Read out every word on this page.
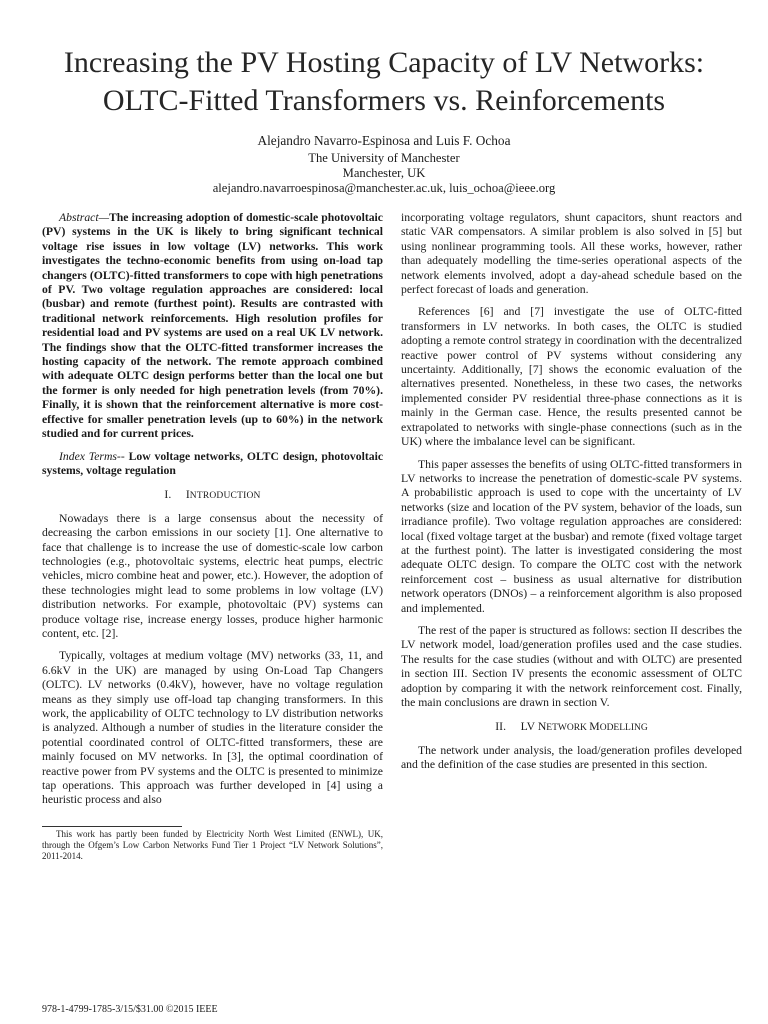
Increasing the PV Hosting Capacity of LV Networks:
OLTC-Fitted Transformers vs. Reinforcements
Alejandro Navarro-Espinosa and Luis F. Ochoa
The University of Manchester
Manchester, UK
alejandro.navarroespinosa@manchester.ac.uk, luis_ochoa@ieee.org

Abstract—The increasing adoption of domestic-scale photovoltaic (PV) systems in the UK is likely to bring significant technical voltage rise issues in low voltage (LV) networks. This work investigates the techno-economic benefits from using on-load tap changers (OLTC)-fitted transformers to cope with high penetrations of PV. Two voltage regulation approaches are considered: local (busbar) and remote (furthest point). Results are contrasted with traditional network reinforcements. High resolution profiles for residential load and PV systems are used on a real UK LV network. The findings show that the OLTC-fitted transformer increases the hosting capacity of the network. The remote approach combined with adequate OLTC design performs better than the local one but the former is only needed for high penetration levels (from 70%). Finally, it is shown that the reinforcement alternative is more cost-effective for smaller penetration levels (up to 60%) in the network studied and for current prices.

Index Terms-- Low voltage networks, OLTC design, photovoltaic systems, voltage regulation

I. INTRODUCTION

Nowadays there is a large consensus about the necessity of decreasing the carbon emissions in our society [1]. One alternative to face that challenge is to increase the use of domestic-scale low carbon technologies (e.g., photovoltaic systems, electric heat pumps, electric vehicles, micro combine heat and power, etc.). However, the adoption of these technologies might lead to some problems in low voltage (LV) distribution networks. For example, photovoltaic (PV) systems can produce voltage rise, increase energy losses, produce higher harmonic content, etc. [2].

Typically, voltages at medium voltage (MV) networks (33, 11, and 6.6kV in the UK) are managed by using On-Load Tap Changers (OLTC). LV networks (0.4kV), however, have no voltage regulation means as they simply use off-load tap changing transformers. In this work, the applicability of OLTC technology to LV distribution networks is analyzed. Although a number of studies in the literature consider the potential coordinated control of OLTC-fitted transformers, these are mainly focused on MV networks. In [3], the optimal coordination of reactive power from PV systems and the OLTC is presented to minimize tap operations. This approach was further developed in [4] using a heuristic process and also

incorporating voltage regulators, shunt capacitors, shunt reactors and static VAR compensators. A similar problem is also solved in [5] but using nonlinear programming tools. All these works, however, rather than adequately modelling the time-series operational aspects of the network elements involved, adopt a day-ahead schedule based on the perfect forecast of loads and generation.

References [6] and [7] investigate the use of OLTC-fitted transformers in LV networks. In both cases, the OLTC is studied adopting a remote control strategy in coordination with the decentralized reactive power control of PV systems without considering any uncertainty. Additionally, [7] shows the economic evaluation of the alternatives presented. Nonetheless, in these two cases, the networks implemented consider PV residential three-phase connections as it is mainly in the German case. Hence, the results presented cannot be extrapolated to networks with single-phase connections (such as in the UK) where the imbalance level can be significant.

This paper assesses the benefits of using OLTC-fitted transformers in LV networks to increase the penetration of domestic-scale PV systems. A probabilistic approach is used to cope with the uncertainty of LV networks (size and location of the PV system, behavior of the loads, sun irradiance profile). Two voltage regulation approaches are considered: local (fixed voltage target at the busbar) and remote (fixed voltage target at the furthest point). The latter is investigated considering the most adequate OLTC design. To compare the OLTC cost with the network reinforcement cost – business as usual alternative for distribution network operators (DNOs) – a reinforcement algorithm is also proposed and implemented.

The rest of the paper is structured as follows: section II describes the LV network model, load/generation profiles used and the case studies. The results for the case studies (without and with OLTC) are presented in section III. Section IV presents the economic assessment of OLTC adoption by comparing it with the network reinforcement cost. Finally, the main conclusions are drawn in section V.

II. LV NETWORK MODELLING

The network under analysis, the load/generation profiles developed and the definition of the case studies are presented in this section.

This work has partly been funded by Electricity North West Limited (ENWL), UK, through the Ofgem’s Low Carbon Networks Fund Tier 1 Project “LV Network Solutions”, 2011-2014.
978-1-4799-1785-3/15/$31.00 ©2015 IEEE
